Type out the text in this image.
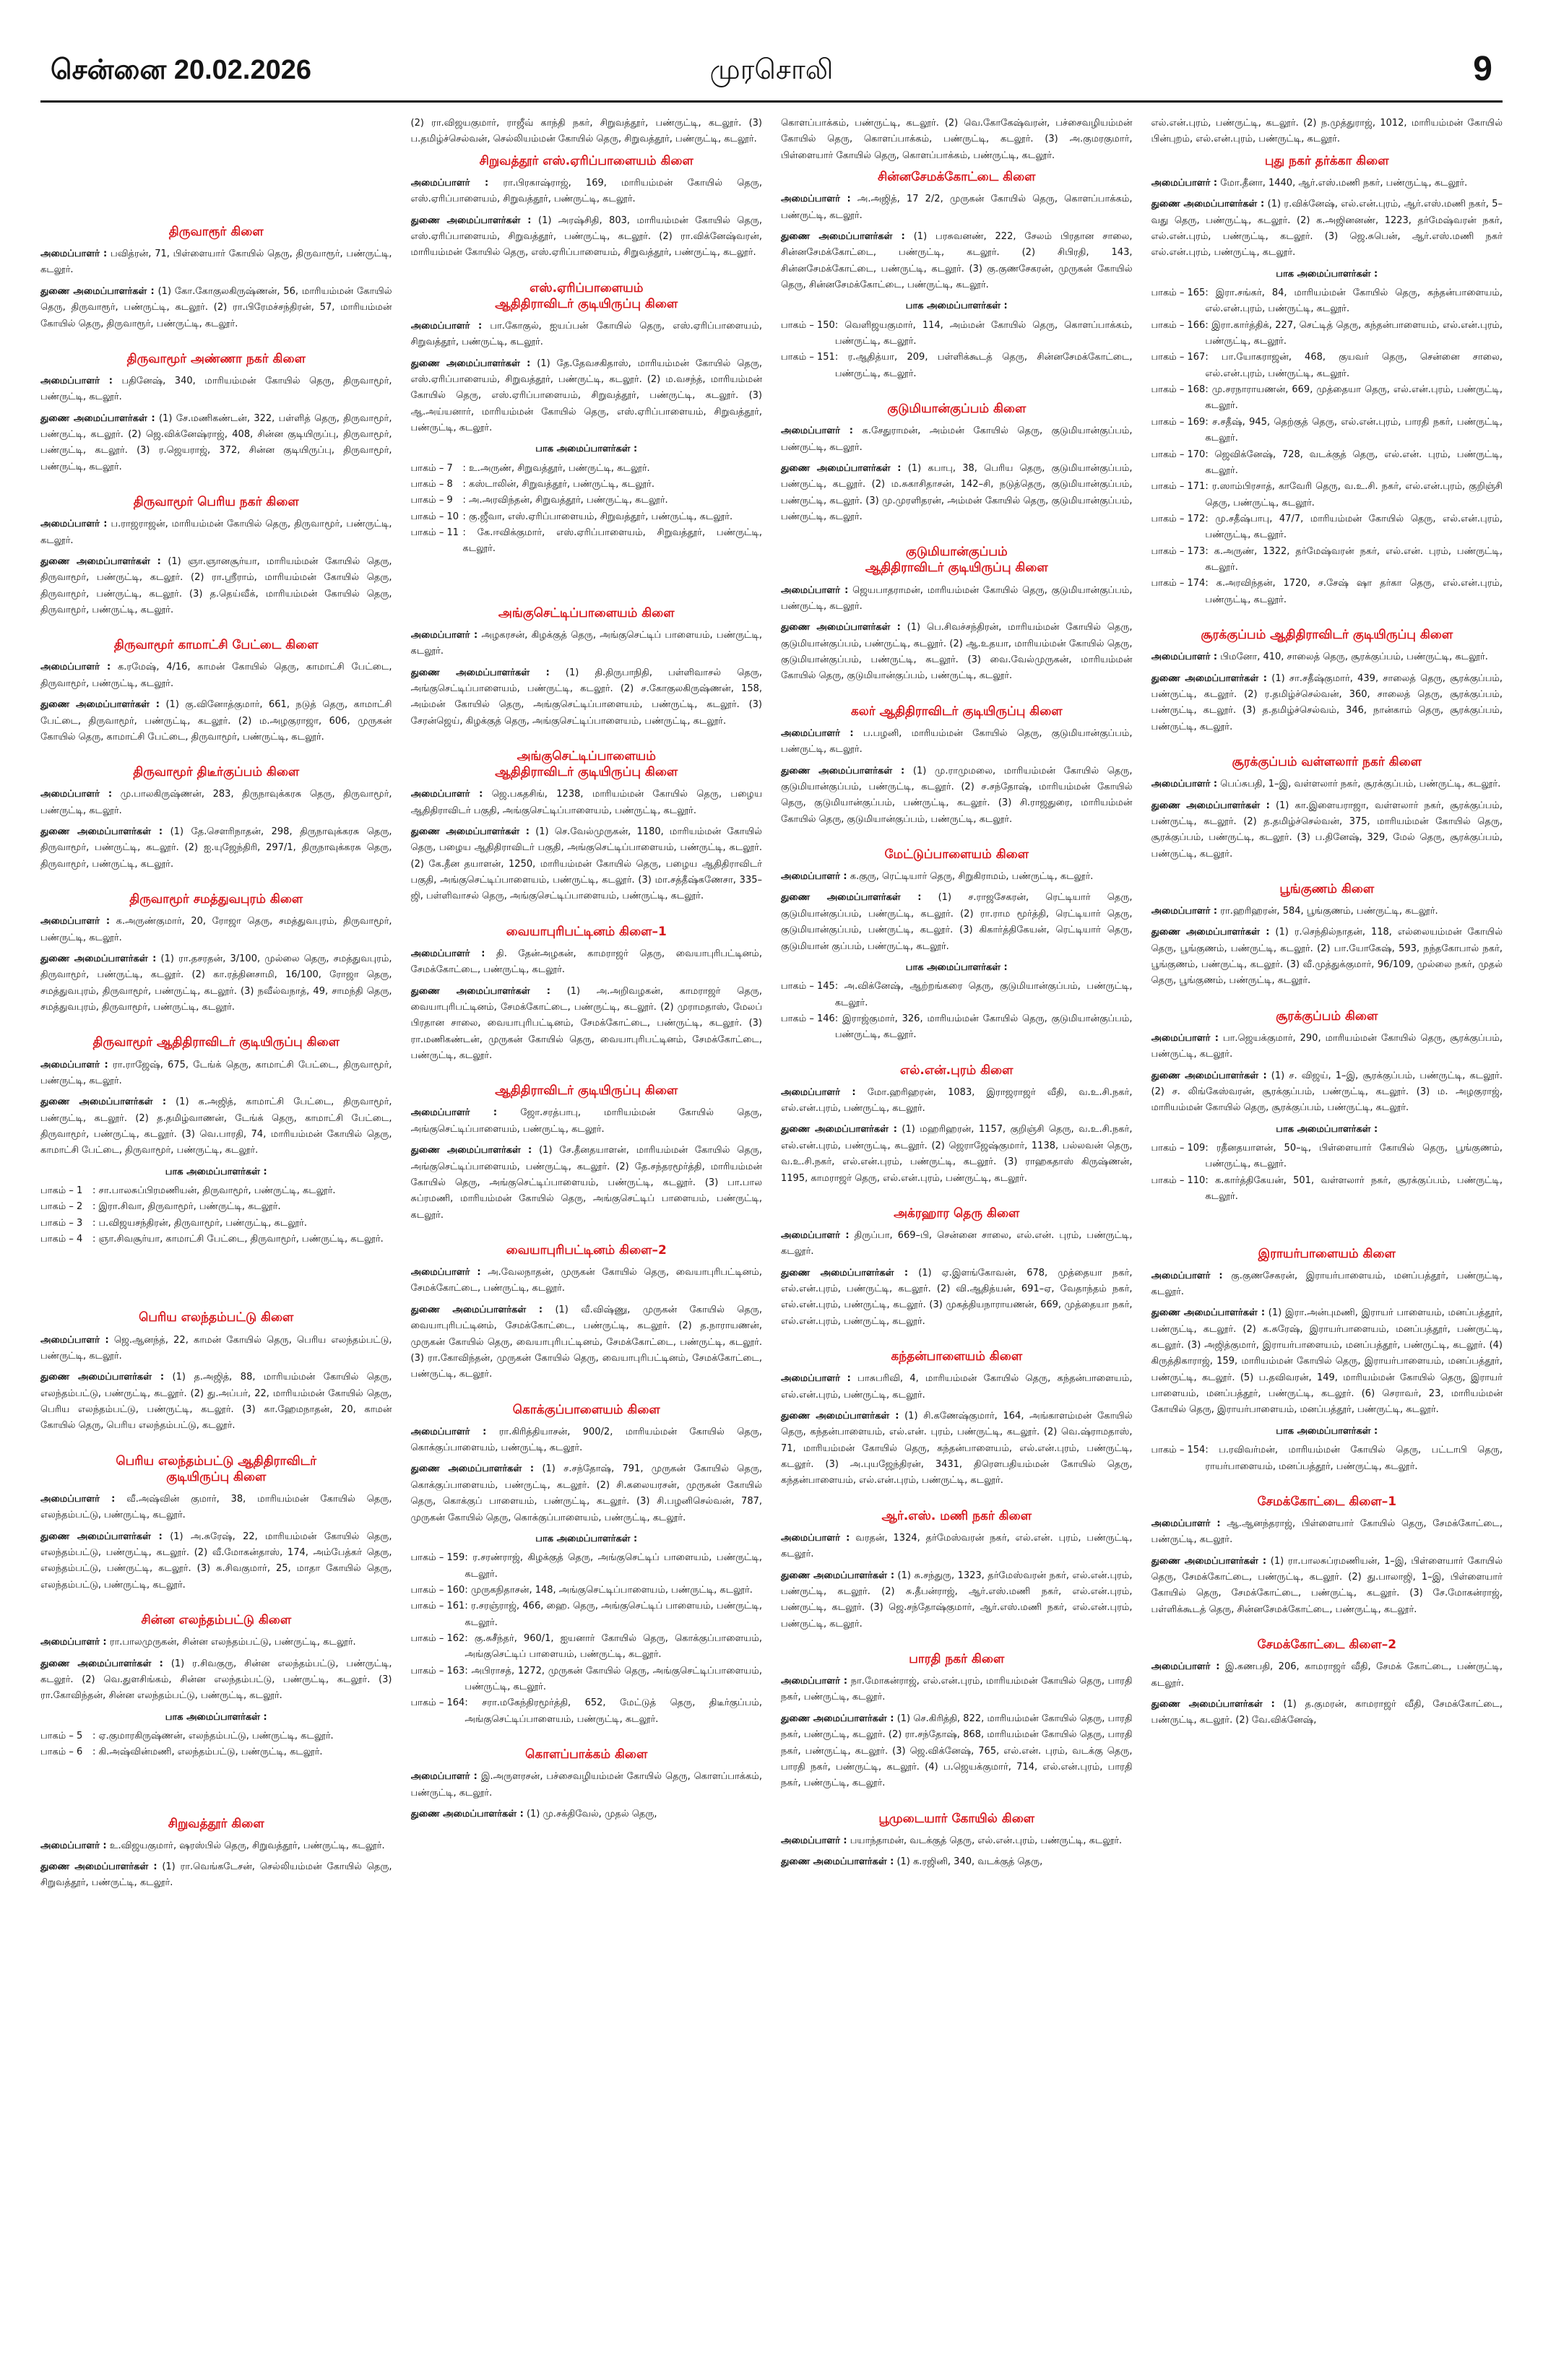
சென்னை 20.02.2026	முரசொலி	9
திருவாரூர் கிளை

அமைப்பாளர் : பவித்ரன், 71, பிள்ளையார் கோயில் தெரு, திருவாரூர், பண்ருட்டி, கடலூர்.

துணை அமைப்பாளர்கள் : (1) கோ.கோகுலகிருஷ்ணன், 56, மாரியம்மன் கோயில் தெரு, திருவாரூர், பண்ருட்டி, கடலூர். (2) ரா.பிரேமச்சந்திரன், 57, மாரியம்மன் கோயில் தெரு, திருவாரூர், பண்ருட்டி, கடலூர்.

திருவாமூர் அண்ணா நகர் கிளை

அமைப்பாளர் : பதினேஷ், 340, மாரியம்மன் கோயில் தெரு, திருவாமூர், பண்ருட்டி, கடலூர்.

துணை அமைப்பாளர்கள் : (1) சே.மணிகண்டன், 322, பள்ளித் தெரு, திருவாமூர், பண்ருட்டி, கடலூர். (2) ஜெ.விக்னேஷ்ராஜ், 408, சின்ன குடியிருப்பு, திருவாமூர், பண்ருட்டி, கடலூர். (3) ர.ஜெயராஜ், 372, சின்ன குடியிருப்பு, திருவாமூர், பண்ருட்டி, கடலூர்.

திருவாமூர் பெரிய நகர் கிளை

அமைப்பாளர் : ப.ராஜராஜன், மாரியம்மன் கோயில் தெரு, திருவாமூர், பண்ருட்டி, கடலூர்.

துணை அமைப்பாளர்கள் : (1) ஞா.ஞானசூர்யா, மாரியம்மன் கோயில் தெரு, திருவாமூர், பண்ருட்டி, கடலூர். (2) ரா.ஸ்ரீராம், மாரியம்மன் கோயில் தெரு, திருவாமூர், பண்ருட்டி, கடலூர். (3) த.தெய்வீக், மாரியம்மன் கோயில் தெரு, திருவாமூர், பண்ருட்டி, கடலூர்.

திருவாமூர் காமாட்சி பேட்டை கிளை

அமைப்பாளர் : க.ரமேஷ், 4/16, காமன் கோயில் தெரு, காமாட்சி பேட்டை, திருவாமூர், பண்ருட்டி, கடலூர்.

துணை அமைப்பாளர்கள் : (1) கு.வினோத்குமார், 661, நடுத் தெரு, காமாட்சி பேட்டை, திருவாமூர், பண்ருட்டி, கடலூர். (2) ம.அழகுராஜா, 606, முருகன் கோயில் தெரு, காமாட்சி பேட்டை, திருவாமூர், பண்ருட்டி, கடலூர்.

திருவாமூர் திடீர்குப்பம் கிளை

அமைப்பாளர் : மு.பாலகிருஷ்ணன், 283, திருநாவுக்கரசு தெரு, திருவாமூர், பண்ருட்டி, கடலூர்.

துணை அமைப்பாளர்கள் : (1) தே.சௌரிநாதன், 298, திருநாவுக்கரசு தெரு, திருவாமூர், பண்ருட்டி, கடலூர். (2) ஐ.யுஜேந்திரி, 297/1, திருநாவுக்கரசு தெரு, திருவாமூர், பண்ருட்டி, கடலூர்.

திருவாமூர் சமத்துவபுரம் கிளை

அமைப்பாளர் : க.அருண்குமார், 20, ரோஜா தெரு, சமத்துவபுரம், திருவாமூர், பண்ருட்டி, கடலூர்.

துணை அமைப்பாளர்கள் : (1) ரா.தசரதன், 3/100, முல்லை தெரு, சமத்துவபுரம், திருவாமூர், பண்ருட்டி, கடலூர். (2) கா.ரத்தினசாமி, 16/100, ரோஜா தெரு, சமத்துவபுரம், திருவாமூர், பண்ருட்டி, கடலூர். (3) நவீல்வநாத், 49, சாமந்தி தெரு, சமத்துவபுரம், திருவாமூர், பண்ருட்டி, கடலூர்.

திருவாமூர் ஆதிதிராவிடர் குடியிருப்பு கிளை

அமைப்பாளர் : ரா.ராஜேஷ், 675, டேங்க் தெரு, காமாட்சி பேட்டை, திருவாமூர், பண்ருட்டி, கடலூர்.

துணை அமைப்பாளர்கள் : (1) க.அஜித், காமாட்சி பேட்டை, திருவாமூர், பண்ருட்டி, கடலூர். (2) த.தமிழ்வாணன், டேங்க் தெரு, காமாட்சி பேட்டை, திருவாமூர், பண்ருட்டி, கடலூர். (3) வெ.பாரதி, 74, மாரியம்மன் கோயில் தெரு, காமாட்சி பேட்டை, திருவாமூர், பண்ருட்டி, கடலூர்.

பாக அமைப்பாளர்கள் :
பாகம் – 1	: சா.பாலசுப்பிரமணியன், திருவாமூர், பண்ருட்டி, கடலூர்.
பாகம் – 2	: இரா.சிவா, திருவாமூர், பண்ருட்டி, கடலூர்.
பாகம் – 3	: ப.விஜயசந்திரன், திருவாமூர், பண்ருட்டி, கடலூர்.
பாகம் – 4	: ஞா.சிவசூர்யா, காமாட்சி பேட்டை, திருவாமூர், பண்ருட்டி, கடலூர்.
பெரிய எலந்தம்பட்டு கிளை

அமைப்பாளர் : ஜெ.ஆனந்த், 22, காமன் கோயில் தெரு, பெரிய எலந்தம்பட்டு, பண்ருட்டி, கடலூர்.

துணை அமைப்பாளர்கள் : (1) த.அஜித், 88, மாரியம்மன் கோயில் தெரு, எலந்தம்பட்டு, பண்ருட்டி, கடலூர். (2) து.அப்பர், 22, மாரியம்மன் கோயில் தெரு, பெரிய எலந்தம்பட்டு, பண்ருட்டி, கடலூர். (3) கா.ஹேமநாதன், 20, காமன் கோயில் தெரு, பெரிய எலந்தம்பட்டு, கடலூர்.

பெரிய எலந்தம்பட்டு ஆதிதிராவிடர்
குடியிருப்பு கிளை

அமைப்பாளர் : வீ.அஷ்வின் குமார், 38, மாரியம்மன் கோயில் தெரு, எலந்தம்பட்டு, பண்ருட்டி, கடலூர்.

துணை அமைப்பாளர்கள் : (1) அ.சுரேஷ், 22, மாரியம்மன் கோயில் தெரு, எலந்தம்பட்டு, பண்ருட்டி, கடலூர். (2) வீ.மோகன்தாஸ், 174, அம்பேத்கர் தெரு, எலந்தம்பட்டு, பண்ருட்டி, கடலூர். (3) சு.சிவகுமார், 25, மாதா கோயில் தெரு, எலந்தம்பட்டு, பண்ருட்டி, கடலூர்.

சின்ன எலந்தம்பட்டு கிளை

அமைப்பாளர் : ரா.பாலமுருகன், சின்ன எலந்தம்பட்டு, பண்ருட்டி, கடலூர்.

துணை அமைப்பாளர்கள் : (1) ர.சிவகுரு, சின்ன எலந்தம்பட்டு, பண்ருட்டி, கடலூர். (2) வெ.துளசிங்கம், சின்ன எலந்தம்பட்டு, பண்ருட்டி, கடலூர். (3) ரா.கோவிந்தன், சின்ன எலந்தம்பட்டு, பண்ருட்டி, கடலூர்.

பாக அமைப்பாளர்கள் :
பாகம் – 5	: ஏ.குமாரகிருஷ்ணன், எலந்தம்பட்டு, பண்ருட்டி, கடலூர்.
பாகம் – 6	: கி.அஷ்வின்மணி, எலந்தம்பட்டு, பண்ருட்டி, கடலூர்.
சிறுவத்தூர் கிளை

அமைப்பாளர் : உ.விஜயகுமார், ஷரஸ்பில் தெரு, சிறுவத்தூர், பண்ருட்டி, கடலூர்.

துணை அமைப்பாளர்கள் : (1) ரா.வெங்கடேசன், செல்லியம்மன் கோயில் தெரு, சிறுவத்தூர், பண்ருட்டி, கடலூர்.

(2) ரா.விஜயகுமார், ராஜீவ் காந்தி நகர், சிறுவத்தூர், பண்ருட்டி, கடலூர். (3) ப.தமிழ்ச்செல்வன், செல்லியம்மன் கோயில் தெரு, சிறுவத்தூர், பண்ருட்டி, கடலூர்.

சிறுவத்தூர் எஸ்.ஏரிப்பாளையம் கிளை

அமைப்பாளர் : ரா.பிரகாஷ்ராஜ், 169, மாரியம்மன் கோயில் தெரு, எஸ்.ஏரிப்பாளையம், சிறுவத்தூர், பண்ருட்டி, கடலூர்.

துணை அமைப்பாளர்கள் : (1) அரஷ்சிதி, 803, மாரியம்மன் கோயில் தெரு, எஸ்.ஏரிப்பாளையம், சிறுவத்தூர், பண்ருட்டி, கடலூர். (2) ரா.விக்னேஷ்வரன், மாரியம்மன் கோயில் தெரு, எஸ்.ஏரிப்பாளையம், சிறுவத்தூர், பண்ருட்டி, கடலூர்.

எஸ்.ஏரிப்பாளையம்
ஆதிதிராவிடர் குடியிருப்பு கிளை

அமைப்பாளர் : பா.கோகுல், ஐயப்பன் கோயில் தெரு, எஸ்.ஏரிப்பாளையம், சிறுவத்தூர், பண்ருட்டி, கடலூர்.

துணை அமைப்பாளர்கள் : (1) தே.தேவசகிதாஸ், மாரியம்மன் கோயில் தெரு, எஸ்.ஏரிப்பாளையம், சிறுவத்தூர், பண்ருட்டி, கடலூர். (2) ம.வசந்த், மாரியம்மன் கோயில் தெரு, எஸ்.ஏரிப்பாளையம், சிறுவத்தூர், பண்ருட்டி, கடலூர். (3) ஆ.அய்யனார், மாரியம்மன் கோயில் தெரு, எஸ்.ஏரிப்பாளையம், சிறுவத்தூர், பண்ருட்டி, கடலூர்.

பாக அமைப்பாளர்கள் :
பாகம் – 7	: உ.அருண், சிறுவத்தூர், பண்ருட்டி, கடலூர்.
பாகம் – 8	: கஸ்டாலின், சிறுவத்தூர், பண்ருட்டி, கடலூர்.
பாகம் – 9	: அ.அரவிந்தன், சிறுவத்தூர், பண்ருட்டி, கடலூர்.
பாகம் – 10 : கு.ஜீவா, எஸ்.ஏரிப்பாளையம், சிறுவத்தூர், பண்ருட்டி, கடலூர்.
பாகம் – 11 : கே.ஈவிக்குமார், எஸ்.ஏரிப்பாளையம், சிறுவத்தூர், பண்ருட்டி, கடலூர்.
அங்குசெட்டிப்பாளையம் கிளை

அமைப்பாளர் : அழகரசன், கிழக்குத் தெரு, அங்குசெட்டிப் பாளையம், பண்ருட்டி, கடலூர்.

துணை அமைப்பாளர்கள் : (1) தி.திருபாநிதி, பள்ளிவாசல் தெரு, அங்குசெட்டிப்பாளையம், பண்ருட்டி, கடலூர். (2) ச.கோகுலகிருஷ்ணன், 158, அம்மன் கோயில் தெரு, அங்குசெட்டிப்பாளையம், பண்ருட்டி, கடலூர். (3) சேரன்ஜெய், கிழக்குத் தெரு, அங்குசெட்டிப்பாளையம், பண்ருட்டி, கடலூர்.

அங்குசெட்டிப்பாளையம்
ஆதிதிராவிடர் குடியிருப்பு கிளை

அமைப்பாளர் : ஜெ.பகதசிங், 1238, மாரியம்மன் கோயில் தெரு, பழைய ஆதிதிராவிடர் பகுதி, அங்குசெட்டிப்பாளையம், பண்ருட்டி, கடலூர்.

துணை அமைப்பாளர்கள் : (1) செ.வேல்முருகன், 1180, மாரியம்மன் கோயில் தெரு, பழைய ஆதிதிராவிடர் பகுதி, அங்குசெட்டிப்பாளையம், பண்ருட்டி, கடலூர். (2) கே.தீன தயாளன், 1250, மாரியம்மன் கோயில் தெரு, பழைய ஆதிதிராவிடர் பகுதி, அங்குசெட்டிப்பாளையம், பண்ருட்டி, கடலூர். (3) மா.சத்தீஷ்கணேசா, 335–ஜி, பள்ளிவாசல் தெரு, அங்குசெட்டிப்பாளையம், பண்ருட்டி, கடலூர்.

வையாபுரிபட்டினம் கிளை–1

அமைப்பாளர் : தி. தேன்அழகன், காமராஜர் தெரு, வையாபுரிபட்டினம், சேமக்கோட்டை, பண்ருட்டி, கடலூர்.

துணை அமைப்பாளர்கள் : (1) அ.அறிவழகன், காமராஜர் தெரு, வையாபுரிபட்டினம், சேமக்கோட்டை, பண்ருட்டி, கடலூர். (2) முராமதாஸ், மேலப் பிரதான சாலை, வையாபுரிபட்டினம், சேமக்கோட்டை, பண்ருட்டி, கடலூர். (3) ரா.மணிகண்டன், முருகன் கோயில் தெரு, வையாபுரிபட்டினம், சேமக்கோட்டை, பண்ருட்டி, கடலூர்.

ஆதிதிராவிடர் குடியிருப்பு கிளை

அமைப்பாளர் : ஜோ.சரத்பாபு, மாரியம்மன் கோயில் தெரு, அங்குசெட்டிப்பாளையம், பண்ருட்டி, கடலூர்.

துணை அமைப்பாளர்கள் : (1) சே.தீனதயாளன், மாரியம்மன் கோயில் தெரு, அங்குசெட்டிப்பாளையம், பண்ருட்டி, கடலூர். (2) தே.சந்தரமூர்த்தி, மாரியம்மன் கோயில் தெரு, அங்குசெட்டிப்பாளையம், பண்ருட்டி, கடலூர். (3) பா.பால சுப்ரமணி, மாரியம்மன் கோயில் தெரு, அங்குசெட்டிப் பாளையம், பண்ருட்டி, கடலூர்.

வையாபுரிபட்டினம் கிளை–2

அமைப்பாளர் : அ.வேலநாதன், முருகன் கோயில் தெரு, வையாபுரிபட்டினம், சேமக்கோட்டை, பண்ருட்டி, கடலூர்.

துணை அமைப்பாளர்கள் : (1) வீ.விஷ்ணு, முருகன் கோயில் தெரு, வையாபுரிபட்டினம், சேமக்கோட்டை, பண்ருட்டி, கடலூர். (2) த.நாராயணன், முருகன் கோயில் தெரு, வையாபுரிபட்டினம், சேமக்கோட்டை, பண்ருட்டி, கடலூர். (3) ரா.கோவிந்தன், முருகன் கோயில் தெரு, வையாபுரிபட்டினம், சேமக்கோட்டை, பண்ருட்டி, கடலூர்.

கொக்குப்பாளையம் கிளை

அமைப்பாளர் : ரா.கிரித்தியாசன், 900/2, மாரியம்மன் கோயில் தெரு, கொக்குப்பாளையம், பண்ருட்டி, கடலூர்.

துணை அமைப்பாளர்கள் : (1) ச.சந்தோஷ், 791, முருகன் கோயில் தெரு, கொக்குப்பாளையம், பண்ருட்டி, கடலூர். (2) சி.கலையரசன், முருகன் கோயில் தெரு, கொக்குப் பாளையம், பண்ருட்டி, கடலூர். (3) சி.பழனிசெல்வன், 787, முருகன் கோயில் தெரு, கொக்குப்பாளையம், பண்ருட்டி, கடலூர்.

பாக அமைப்பாளர்கள் :
பாகம் – 159 : ர.சரண்ராஜ், கிழக்குத் தெரு, அங்குசெட்டிப் பாளையம், பண்ருட்டி, கடலூர்.
பாகம் – 160 : முருகநிதாசன், 148, அங்குசெட்டிப்பாளையம், பண்ருட்டி, கடலூர்.
பாகம் – 161 : ர.சரஞ்ராஜ், 466, ஹை. தெரு, அங்குசெட்டிப் பாளையம், பண்ருட்டி, கடலூர்.
பாகம் – 162 : கு.சுசீந்தர், 960/1, ஐயனார் கோயில் தெரு, கொக்குப்பாளையம், அங்குசெட்டிப் பாளையம், பண்ருட்டி, கடலூர்.
பாகம் – 163 : அபிராசத், 1272, முருகன் கோயில் தெரு, அங்குசெட்டிப்பாளையம், பண்ருட்டி, கடலூர்.
பாகம் – 164 : சரா.மகேந்திரமூர்த்தி, 652, மேட்டுத் தெரு, திடீர்குப்பம், அங்குசெட்டிப்பாளையம், பண்ருட்டி, கடலூர்.
கொளப்பாக்கம் கிளை

அமைப்பாளர் : இ.அருளரசன், பச்சைவழியம்மன் கோயில் தெரு, கொளப்பாக்கம், பண்ருட்டி, கடலூர்.

துணை அமைப்பாளர்கள் : (1) மு.சக்திவேல், முதல் தெரு,

கொளப்பாக்கம், பண்ருட்டி, கடலூர். (2) வெ.கோகேஷ்வரன், பச்சைவழியம்மன் கோயில் தெரு, கொளப்பாக்கம், பண்ருட்டி, கடலூர். (3) அ.குமரகுமார், பிள்ளையார் கோயில் தெரு, கொளப்பாக்கம், பண்ருட்டி, கடலூர்.

சின்னசேமக்கோட்டை கிளை

அமைப்பாளர் : அ.அஜித், 17 2/2, முருகன் கோயில் தெரு, கொளப்பாக்கம், பண்ருட்டி, கடலூர்.

துணை அமைப்பாளர்கள் : (1) பரசுவனண், 222, சேலம் பிரதான சாலை, சின்னசேமக்கோட்டை, பண்ருட்டி, கடலூர். (2) சிபிரதி, 143, சின்னசேமக்கோட்டை, பண்ருட்டி, கடலூர். (3) கு.குணசேகரன், முருகன் கோயில் தெரு, சின்னசேமக்கோட்டை, பண்ருட்டி, கடலூர்.

பாக அமைப்பாளர்கள் :
பாகம் – 150 : வெளிஜயகுமார், 114, அம்மன் கோயில் தெரு, கொளப்பாக்கம், பண்ருட்டி, கடலூர்.
பாகம் – 151 : ர.ஆதித்யா, 209, பள்ளிக்கூடத் தெரு, சின்னசேமக்கோட்டை, பண்ருட்டி, கடலூர்.
குடுமியான்குப்பம் கிளை

அமைப்பாளர் : க.சேதுராமன், அம்மன் கோயில் தெரு, குடுமியான்குப்பம், பண்ருட்டி, கடலூர்.

துணை அமைப்பாளர்கள் : (1) கபாபு, 38, பெரிய தெரு, குடுமியான்குப்பம், பண்ருட்டி, கடலூர். (2) ம.சுகாசிதாசன், 142–சி, நடுத்தெரு, குடுமியான்குப்பம், பண்ருட்டி, கடலூர். (3) மு.முரளிதரன், அம்மன் கோயில் தெரு, குடுமியான்குப்பம், பண்ருட்டி, கடலூர்.

குடுமியான்குப்பம்
ஆதிதிராவிடர் குடியிருப்பு கிளை

அமைப்பாளர் : ஜெயபாதராமன், மாரியம்மன் கோயில் தெரு, குடுமியான்குப்பம், பண்ருட்டி, கடலூர்.

துணை அமைப்பாளர்கள் : (1) பெ.சிவச்சந்திரன், மாரியம்மன் கோயில் தெரு, குடுமியான்குப்பம், பண்ருட்டி, கடலூர். (2) ஆ.உதயா, மாரியம்மன் கோயில் தெரு, குடுமியான்குப்பம், பண்ருட்டி, கடலூர். (3) வை.வேல்முருகன், மாரியம்மன் கோயில் தெரு, குடுமியான்குப்பம், பண்ருட்டி, கடலூர்.

கலர் ஆதிதிராவிடர் குடியிருப்பு கிளை

அமைப்பாளர் : ப.பழனி, மாரியம்மன் கோயில் தெரு, குடுமியான்குப்பம், பண்ருட்டி, கடலூர்.

துணை அமைப்பாளர்கள் : (1) மு.ராமுமலை, மாரியம்மன் கோயில் தெரு, குடுமியான்குப்பம், பண்ருட்டி, கடலூர். (2) ச.சந்தோஷ், மாரியம்மன் கோயில் தெரு, குடுமியான்குப்பம், பண்ருட்டி, கடலூர். (3) சி.ராஜதுரை, மாரியம்மன் கோயில் தெரு, குடுமியான்குப்பம், பண்ருட்டி, கடலூர்.

மேட்டுப்பாளையம் கிளை

அமைப்பாளர் : க.குரு, ரெட்டியார் தெரு, சிறுகிராமம், பண்ருட்டி, கடலூர்.

துணை அமைப்பாளர்கள் : (1) ச.ராஜசேகரன், ரெட்டியார் தெரு, குடுமியான்குப்பம், பண்ருட்டி, கடலூர். (2) ரா.ராம மூர்த்தி, ரெட்டியார் தெரு, குடுமியான்குப்பம், பண்ருட்டி, கடலூர். (3) கிகார்த்திகேயன், ரெட்டியார் தெரு, குடுமியான் குப்பம், பண்ருட்டி, கடலூர்.

பாக அமைப்பாளர்கள் :
பாகம் – 145 : அ.விக்னேஷ், ஆற்றங்கரை தெரு, குடுமியான்குப்பம், பண்ருட்டி, கடலூர்.
பாகம் – 146 : இராஜ்குமார், 326, மாரியம்மன் கோயில் தெரு, குடுமியான்குப்பம், பண்ருட்டி, கடலூர்.
எல்.என்.புரம் கிளை

அமைப்பாளர் : மோ.ஹரிஹரன், 1083, இராஜராஜர் வீதி, வ.உ.சி.நகர், எல்.என்.புரம், பண்ருட்டி, கடலூர்.

துணை அமைப்பாளர்கள் : (1) மஹரிஹரன், 1157, குறிஞ்சி தெரு, வ.உ.சி.நகர், எல்.என்.புரம், பண்ருட்டி, கடலூர். (2) ஜெராஜேஷ்குமார், 1138, பல்லவன் தெரு, வ.உ.சி.நகர், எல்.என்.புரம், பண்ருட்டி, கடலூர். (3) ராஹகதாஸ் கிருஷ்ணன், 1195, காமராஜர் தெரு, எல்.என்.புரம், பண்ருட்டி, கடலூர்.

அக்ரஹார தெரு கிளை

அமைப்பாளர் : திருப்பா, 669–பி, சென்னை சாலை, எல்.என். புரம், பண்ருட்டி, கடலூர்.

துணை அமைப்பாளர்கள் : (1) ஏ.இளங்கோவன், 678, முத்தையா நகர், எல்.என்.புரம், பண்ருட்டி, கடலூர். (2) வி.ஆதித்யன், 691–ஏ, வேதாந்தம் நகர், எல்.என்.புரம், பண்ருட்டி, கடலூர். (3) முகத்தியநாராயணன், 669, முத்தையா நகர், எல்.என்.புரம், பண்ருட்டி, கடலூர்.

கந்தன்பாளையம் கிளை

அமைப்பாளர் : பாசுபரிவி, 4, மாரியம்மன் கோயில் தெரு, கந்தன்பாளையம், எல்.என்.புரம், பண்ருட்டி, கடலூர்.

துணை அமைப்பாளர்கள் : (1) சி.கணேஷ்குமார், 164, அங்காளம்மன் கோயில் தெரு, கந்தன்பாளையம், எல்.என். புரம், பண்ருட்டி, கடலூர். (2) வெ.ஷ்ராமதாஸ், 71, மாரியம்மன் கோயில் தெரு, கந்தன்பாளையம், எல்.என்.புரம், பண்ருட்டி, கடலூர். (3) அ.புயஜேந்திரன், 3431, திரௌபதியம்மன் கோயில் தெரு, கந்தன்பாளையம், எல்.என்.புரம், பண்ருட்டி, கடலூர்.

ஆர்.எஸ். மணி நகர் கிளை

அமைப்பாளர் : வரதன், 1324, தர்மேஸ்வரன் நகர், எல்.என். புரம், பண்ருட்டி, கடலூர்.

துணை அமைப்பாளர்கள் : (1) சு.சந்துரு, 1323, தர்மேஸ்வரன் நகர், எல்.என்.புரம், பண்ருட்டி, கடலூர். (2) சு.தீபன்ராஜ், ஆர்.எஸ்.மணி நகர், எல்.என்.புரம், பண்ருட்டி, கடலூர். (3) ஜெ.சந்தோஷ்குமார், ஆர்.எஸ்.மணி நகர், எல்.என்.புரம், பண்ருட்டி, கடலூர்.

பாரதி நகர் கிளை

அமைப்பாளர் : நா.மோகன்ராஜ், எல்.என்.புரம், மாரியம்மன் கோயில் தெரு, பாரதி நகர், பண்ருட்டி, கடலூர்.

துணை அமைப்பாளர்கள் : (1) செ.கிரித்தி, 822, மாரியம்மன் கோயில் தெரு, பாரதி நகர், பண்ருட்டி, கடலூர். (2) ரா.சந்தோஷ், 868, மாரியம்மன் கோயில் தெரு, பாரதி நகர், பண்ருட்டி, கடலூர். (3) ஜெ.விக்னேஷ், 765, எல்.என். புரம், வடக்கு தெரு, பாரதி நகர், பண்ருட்டி, கடலூர். (4) ப.ஜெயக்குமார், 714, எல்.என்.புரம், பாரதி நகர், பண்ருட்டி, கடலூர்.

பூமுடையார் கோயில் கிளை

அமைப்பாளர் : பயாந்தாமன், வடக்குத் தெரு, எல்.என்.புரம், பண்ருட்டி, கடலூர்.

துணை அமைப்பாளர்கள் : (1) க.ரஜினி, 340, வடக்குத் தெரு,

எல்.என்.புரம், பண்ருட்டி, கடலூர். (2) ந.முத்துராஜ், 1012, மாரியம்மன் கோயில் பின்புறம், எல்.என்.புரம், பண்ருட்டி, கடலூர்.

புது நகர் தர்க்கா கிளை

அமைப்பாளர் : மோ.தீனா, 1440, ஆர்.எஸ்.மணி நகர், பண்ருட்டி, கடலூர்.

துணை அமைப்பாளர்கள் : (1) ர.விக்னேஷ், எல்.என்.புரம், ஆர்.எஸ்.மணி நகர், 5–வது தெரு, பண்ருட்டி, கடலூர். (2) க.அஜினனண், 1223, தர்மேஷ்வரன் நகர், எல்.என்.புரம், பண்ருட்டி, கடலூர். (3) ஜெ.சுபென், ஆர்.எஸ்.மணி நகர் எல்.என்.புரம், பண்ருட்டி, கடலூர்.

பாக அமைப்பாளர்கள் :
பாகம் – 165 : இரா.சங்கர், 84, மாரியம்மன் கோயில் தெரு, கந்தன்பாளையம், எல்.என்.புரம், பண்ருட்டி, கடலூர்.
பாகம் – 166 : இரா.கார்த்திக், 227, செட்டித் தெரு, கந்தன்பாளையம், எல்.என்.புரம், பண்ருட்டி, கடலூர்.
பாகம் – 167 : பா.யோகராஜன், 468, குயவர் தெரு, சென்னை சாலை, எல்.என்.புரம், பண்ருட்டி, கடலூர்.
பாகம் – 168 : மு.சரநாராயணன், 669, முத்தையா தெரு, எல்.என்.புரம், பண்ருட்டி, கடலூர்.
பாகம் – 169 : ச.சதீஷ், 945, தெற்குத் தெரு, எல்.என்.புரம், பாரதி நகர், பண்ருட்டி, கடலூர்.
பாகம் – 170 : ஜெவிக்னேஷ், 728, வடக்குத் தெரு, எல்.என். புரம், பண்ருட்டி, கடலூர்.
பாகம் – 171 : ர.ஸாம்பிரசாத், காவேரி தெரு, வ.உ.சி. நகர், எல்.என்.புரம், குறிஞ்சி தெரு, பண்ருட்டி, கடலூர்.
பாகம் – 172 : மு.சதீஷ்பாபு, 47/7, மாரியம்மன் கோயில் தெரு, எல்.என்.புரம், பண்ருட்டி, கடலூர்.
பாகம் – 173 : க.அருண், 1322, தர்மேஷ்வரன் நகர், எல்.என். புரம், பண்ருட்டி, கடலூர்.
பாகம் – 174 : க.அரவிந்தன், 1720, ச.சேஷ் ஷா தர்கா தெரு, எல்.என்.புரம், பண்ருட்டி, கடலூர்.
சூரக்குப்பம் ஆதிதிராவிடர் குடியிருப்பு கிளை

அமைப்பாளர் : பிமனோ, 410, சாலைத் தெரு, சூரக்குப்பம், பண்ருட்டி, கடலூர்.

துணை அமைப்பாளர்கள் : (1) சா.சதீஷ்குமார், 439, சாலைத் தெரு, சூரக்குப்பம், பண்ருட்டி, கடலூர். (2) ர.தமிழ்ச்செல்வன், 360, சாலைத் தெரு, சூரக்குப்பம், பண்ருட்டி, கடலூர். (3) த.தமிழ்ச்செல்வம், 346, நான்காம் தெரு, சூரக்குப்பம், பண்ருட்டி, கடலூர்.

சூரக்குப்பம் வள்ளலார் நகர் கிளை

அமைப்பாளர் : பெப்சுபதி, 1–இ, வள்ளலார் நகர், சூரக்குப்பம், பண்ருட்டி, கடலூர்.

துணை அமைப்பாளர்கள் : (1) கா.இளையராஜா, வள்ளலார் நகர், சூரக்குப்பம், பண்ருட்டி, கடலூர். (2) த.தமிழ்ச்செல்வன், 375, மாரியம்மன் கோயில் தெரு, சூரக்குப்பம், பண்ருட்டி, கடலூர். (3) ப.தினேஷ், 329, மேல் தெரு, சூரக்குப்பம், பண்ருட்டி, கடலூர்.

பூங்குணம் கிளை

அமைப்பாளர் : ரா.ஹரிஹரன், 584, பூங்குணம், பண்ருட்டி, கடலூர்.

துணை அமைப்பாளர்கள் : (1) ர.செந்தில்நாதன், 118, எல்லையம்மன் கோயில் தெரு, பூங்குணம், பண்ருட்டி, கடலூர். (2) பா.யோகேஷ், 593, நந்தகோபால் நகர், பூங்குணம், பண்ருட்டி, கடலூர். (3) வீ.முத்துக்குமார், 96/109, முல்லை நகர், முதல் தெரு, பூங்குணம், பண்ருட்டி, கடலூர்.

சூரக்குப்பம் கிளை

அமைப்பாளர் : பா.ஜெயக்குமார், 290, மாரியம்மன் கோயில் தெரு, சூரக்குப்பம், பண்ருட்டி, கடலூர்.

துணை அமைப்பாளர்கள் : (1) ச. விஜய், 1–இ, சூரக்குப்பம், பண்ருட்டி, கடலூர். (2) ச. லிங்கேஸ்வரன், சூரக்குப்பம், பண்ருட்டி, கடலூர். (3) ம. அழகுராஜ், மாரியம்மன் கோயில் தெரு, சூரக்குப்பம், பண்ருட்டி, கடலூர்.

பாக அமைப்பாளர்கள் :
பாகம் – 109 : ரதீனதயாளன், 50–டி, பிள்ளையார் கோயில் தெரு, பூங்குணம், பண்ருட்டி, கடலூர்.
பாகம் – 110 : க.கார்த்திகேயன், 501, வள்ளலார் நகர், சூரக்குப்பம், பண்ருட்டி, கடலூர்.
இராயர்பாளையம் கிளை

அமைப்பாளர் : கு.குணசேகரன், இராயர்பாளையம், மனப்பத்தூர், பண்ருட்டி, கடலூர்.

துணை அமைப்பாளர்கள் : (1) இரா.அன்புமணி, இராயர் பாளையம், மனப்பத்தூர், பண்ருட்டி, கடலூர். (2) க.சுரேஷ், இராயர்பாளையம், மனப்பத்தூர், பண்ருட்டி, கடலூர். (3) அஜித்குமார், இராயர்பாளையம், மனப்பத்தூர், பண்ருட்டி, கடலூர். (4) கிருத்திகாராஜ், 159, மாரியம்மன் கோயில் தெரு, இராயர்பாளையம், மனப்பத்தூர், பண்ருட்டி, கடலூர். (5) ப.தவிவரன், 149, மாரியம்மன் கோயில் தெரு, இராயர் பாளையம், மனப்பத்தூர், பண்ருட்டி, கடலூர். (6) செராவர், 23, மாரியம்மன் கோயில் தெரு, இராயர்பாளையம், மனப்பத்தூர், பண்ருட்டி, கடலூர்.

பாக அமைப்பாளர்கள் :
பாகம் – 154 : ப.ரவிவர்மன், மாரியம்மன் கோயில் தெரு, பட்டாபி தெரு, ராயர்பாளையம், மனப்பத்தூர், பண்ருட்டி, கடலூர்.
சேமக்கோட்டை கிளை–1

அமைப்பாளர் : ஆ.ஆனந்தராஜ், பிள்ளையார் கோயில் தெரு, சேமக்கோட்டை, பண்ருட்டி, கடலூர்.

துணை அமைப்பாளர்கள் : (1) ரா.பாலசுப்ரமணியன், 1–இ, பிள்ளையார் கோயில் தெரு, சேமக்கோட்டை, பண்ருட்டி, கடலூர். (2) து.பாலாஜி, 1–இ, பிள்ளையார் கோயில் தெரு, சேமக்கோட்டை, பண்ருட்டி, கடலூர். (3) சே.மோகன்ராஜ், பள்ளிக்கூடத் தெரு, சின்னசேமக்கோட்டை, பண்ருட்டி, கடலூர்.

சேமக்கோட்டை கிளை–2

அமைப்பாளர் : இ.கணபதி, 206, காமராஜர் வீதி, சேமக் கோட்டை, பண்ருட்டி, கடலூர்.

துணை அமைப்பாளர்கள் : (1) த.குமரன், காமராஜர் வீதி, சேமக்கோட்டை, பண்ருட்டி, கடலூர். (2) வே.விக்னேஷ்,
